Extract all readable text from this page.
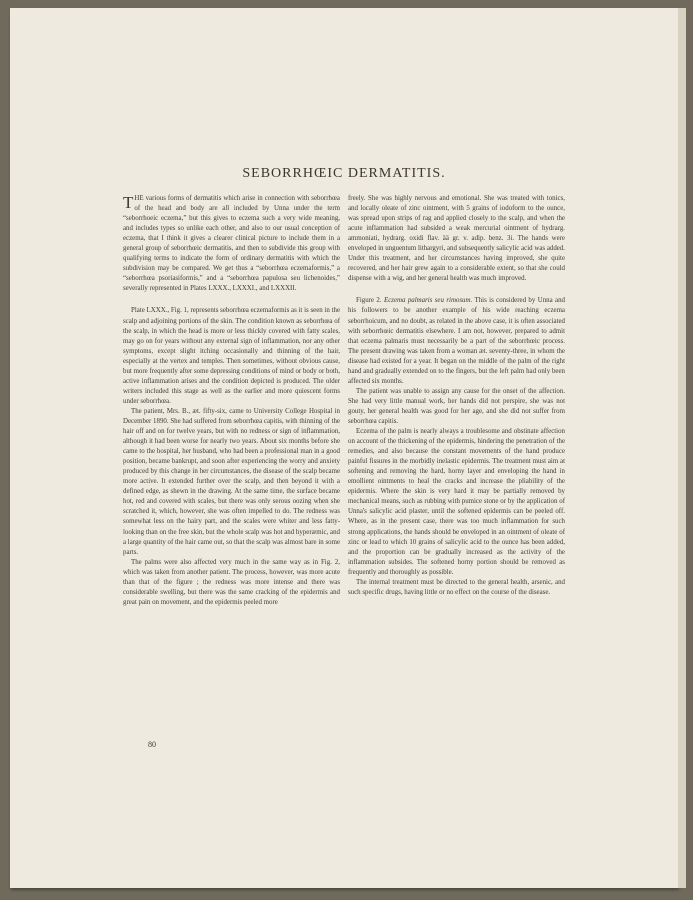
SEBORRHŒIC DERMATITIS.

THE various forms of dermatitis which arise in connection with seborrhœa of the head and body are all included by Unna under the term “seborrhoeic eczema,” but this gives to eczema such a very wide meaning, and includes types so unlike each other, and also to our usual conception of eczema, that I think it gives a clearer clinical picture to include them in a general group of seborrhœic dermatitis, and then to subdivide this group with qualifying terms to indicate the form of ordinary dermatitis with which the subdivision may be compared. We get thus a “seborrhœa eczemaformis,” a “seborrhœa psoriasiformis,” and a “seborrhœa papulosa seu lichenoides,” severally represented in Plates LXXX., LXXXI., and LXXXII.

Plate LXXX., Fig. 1, represents seborrhœa eczemaformis as it is seen in the scalp and adjoining portions of the skin. The condition known as seborrhœa of the scalp, in which the head is more or less thickly covered with fatty scales, may go on for years without any external sign of inflammation, nor any other symptoms, except slight itching occasionally and thinning of the hair, especially at the vertex and temples. Then sometimes, without obvious cause, but more frequently after some depressing conditions of mind or body or both, active inflammation arises and the condition depicted is produced. The older writers included this stage as well as the earlier and more quiescent forms under seborrhœa.

The patient, Mrs. B., æt. fifty-six, came to University College Hospital in December 1890. She had suffered from seborrhœa capitis, with thinning of the hair off and on for twelve years, but with no redness or sign of inflammation, although it had been worse for nearly two years. About six months before she came to the hospital, her husband, who had been a professional man in a good position, became bankrupt, and soon after experiencing the worry and anxiety produced by this change in her circumstances, the disease of the scalp became more active. It extended further over the scalp, and then beyond it with a defined edge, as shewn in the drawing. At the same time, the surface became hot, red and covered with scales, but there was only serous oozing when she scratched it, which, however, she was often impelled to do. The redness was somewhat less on the hairy part, and the scales were whiter and less fatty-looking than on the free skin, but the whole scalp was hot and hyperæmic, and a large quantity of the hair came out, so that the scalp was almost bare in some parts.

The palms were also affected very much in the same way as in Fig. 2, which was taken from another patient. The process, however, was more acute than that of the figure ; the redness was more intense and there was considerable swelling, but there was the same cracking of the epidermis and great pain on movement, and the epidermis peeled more

freely. She was highly nervous and emotional. She was treated with tonics, and locally oleate of zinc ointment, with 5 grains of iodoform to the ounce, was spread upon strips of rag and applied closely to the scalp, and when the acute inflammation had subsided a weak mercurial ointment of hydrarg. ammoniati, hydrarg. oxidi flav. ää gr. v. adip. benz. 3i. The hands were enveloped in unguentum lithargyri, and subsequently salicylic acid was added. Under this treatment, and her circumstances having improved, she quite recovered, and her hair grew again to a considerable extent, so that she could dispense with a wig, and her general health was much improved.

Figure 2. Eczema palmaris seu rimosum. This is considered by Unna and his followers to be another example of his wide reaching eczema seborrhoicum, and no doubt, as related in the above case, it is often associated with seborrhœic dermatitis elsewhere. I am not, however, prepared to admit that eczema palmaris must necessarily be a part of the seborrhœic process. The present drawing was taken from a woman æt. seventy-three, in whom the disease had existed for a year. It began on the middle of the palm of the right hand and gradually extended on to the fingers, but the left palm had only been affected six months.

The patient was unable to assign any cause for the onset of the affection. She had very little manual work, her hands did not perspire, she was not gouty, her general health was good for her age, and she did not suffer from seborrhœa capitis.

Eczema of the palm is nearly always a troublesome and obstinate affection on account of the thickening of the epidermis, hindering the penetration of the remedies, and also because the constant movements of the hand produce painful fissures in the morbidly inelastic epidermis. The treatment must aim at softening and removing the hard, horny layer and enveloping the hand in emollient ointments to heal the cracks and increase the pliability of the epidermis. Where the skin is very hard it may be partially removed by mechanical means, such as rubbing with pumice stone or by the application of Unna's salicylic acid plaster, until the softened epidermis can be peeled off. Where, as in the present case, there was too much inflammation for such strong applications, the hands should be enveloped in an ointment of oleate of zinc or lead to which 10 grains of salicylic acid to the ounce has been added, and the proportion can be gradually increased as the activity of the inflammation subsides. The softened horny portion should be removed as frequently and thoroughly as possible.

The internal treatment must be directed to the general health, arsenic, and such specific drugs, having little or no effect on the course of the disease.

80
